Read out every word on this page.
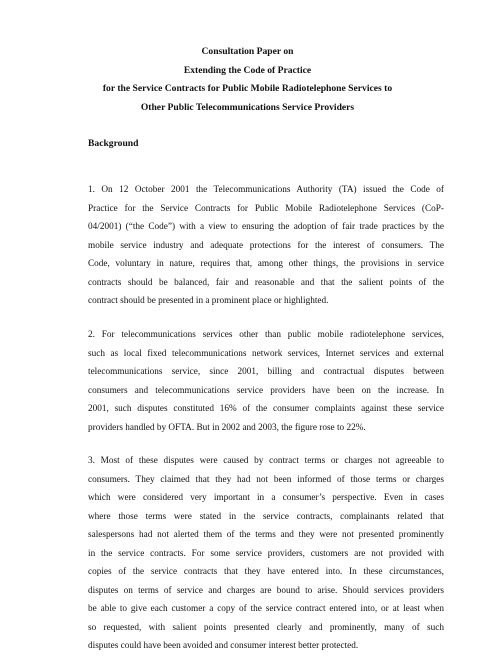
Consultation Paper on
Extending the Code of Practice
for the Service Contracts for Public Mobile Radiotelephone Services to
Other Public Telecommunications Service Providers
Background
1. On 12 October 2001 the Telecommunications Authority (TA) issued the Code of
Practice for the Service Contracts for Public Mobile Radiotelephone Services (CoP-
04/2001) (“the Code”) with a view to ensuring the adoption of fair trade practices by the
mobile service industry and adequate protections for the interest of consumers. The
Code, voluntary in nature, requires that, among other things, the provisions in service
contracts should be balanced, fair and reasonable and that the salient points of the
contract should be presented in a prominent place or highlighted.
2. For telecommunications services other than public mobile radiotelephone services,
such as local fixed telecommunications network services, Internet services and external
telecommunications service, since 2001, billing and contractual disputes between
consumers and telecommunications service providers have been on the increase. In
2001, such disputes constituted 16% of the consumer complaints against these service
providers handled by OFTA. But in 2002 and 2003, the figure rose to 22%.
3. Most of these disputes were caused by contract terms or charges not agreeable to
consumers. They claimed that they had not been informed of those terms or charges
which were considered very important in a consumer’s perspective. Even in cases
where those terms were stated in the service contracts, complainants related that
salespersons had not alerted them of the terms and they were not presented prominently
in the service contracts. For some service providers, customers are not provided with
copies of the service contracts that they have entered into. In these circumstances,
disputes on terms of service and charges are bound to arise. Should services providers
be able to give each customer a copy of the service contract entered into, or at least when
so requested, with salient points presented clearly and prominently, many of such
disputes could have been avoided and consumer interest better protected.
